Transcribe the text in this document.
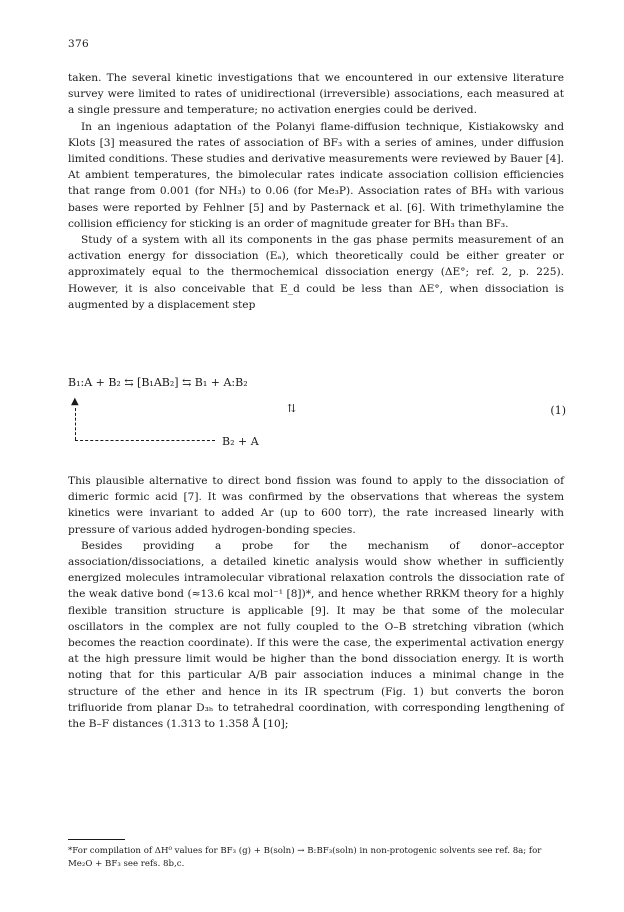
376

taken. The several kinetic investigations that we encountered in our extensive literature survey were limited to rates of unidirectional (irreversible) associations, each measured at a single pressure and temperature; no activation energies could be derived.

In an ingenious adaptation of the Polanyi flame-diffusion technique, Kistiakowsky and Klots [3] measured the rates of association of BF₃ with a series of amines, under diffusion limited conditions. These studies and derivative measurements were reviewed by Bauer [4]. At ambient temperatures, the bimolecular rates indicate association collision efficiencies that range from 0.001 (for NH₃) to 0.06 (for Me₃P). Association rates of BH₃ with various bases were reported by Fehlner [5] and by Pasternack et al. [6]. With trimethylamine the collision efficiency for sticking is an order of magnitude greater for BH₃ than BF₃.

Study of a system with all its components in the gas phase permits measurement of an activation energy for dissociation (Eₐ), which theoretically could be either greater or approximately equal to the thermochemical dissociation energy (ΔE°; ref. 2, p. 225). However, it is also conceivable that E_d could be less than ΔE°, when dissociation is augmented by a displacement step

B₁:A + B₂ ⇆ [B₁AB₂] ⇆ B₁ + A:B₂
▲
⇅	(1)
B₂ + A

This plausible alternative to direct bond fission was found to apply to the dissociation of dimeric formic acid [7]. It was confirmed by the observations that whereas the system kinetics were invariant to added Ar (up to 600 torr), the rate increased linearly with pressure of various added hydrogen-bonding species.

Besides providing a probe for the mechanism of donor–acceptor association/dissociations, a detailed kinetic analysis would show whether in sufficiently energized molecules intramolecular vibrational relaxation controls the dissociation rate of the weak dative bond (≈13.6 kcal mol⁻¹ [8])*, and hence whether RRKM theory for a highly flexible transition structure is applicable [9]. It may be that some of the molecular oscillators in the complex are not fully coupled to the O–B stretching vibration (which becomes the reaction coordinate). If this were the case, the experimental activation energy at the high pressure limit would be higher than the bond dissociation energy. It is worth noting that for this particular A/B pair association induces a minimal change in the structure of the ether and hence in its IR spectrum (Fig. 1) but converts the boron trifluoride from planar D₃ₕ to tetrahedral coordination, with corresponding lengthening of the B–F distances (1.313 to 1.358 Å [10];

*For compilation of ΔH⁰ values for BF₃ (g) + B(soln) → B:BF₃(soln) in non-protogenic solvents see ref. 8a; for Me₂O + BF₃ see refs. 8b,c.
